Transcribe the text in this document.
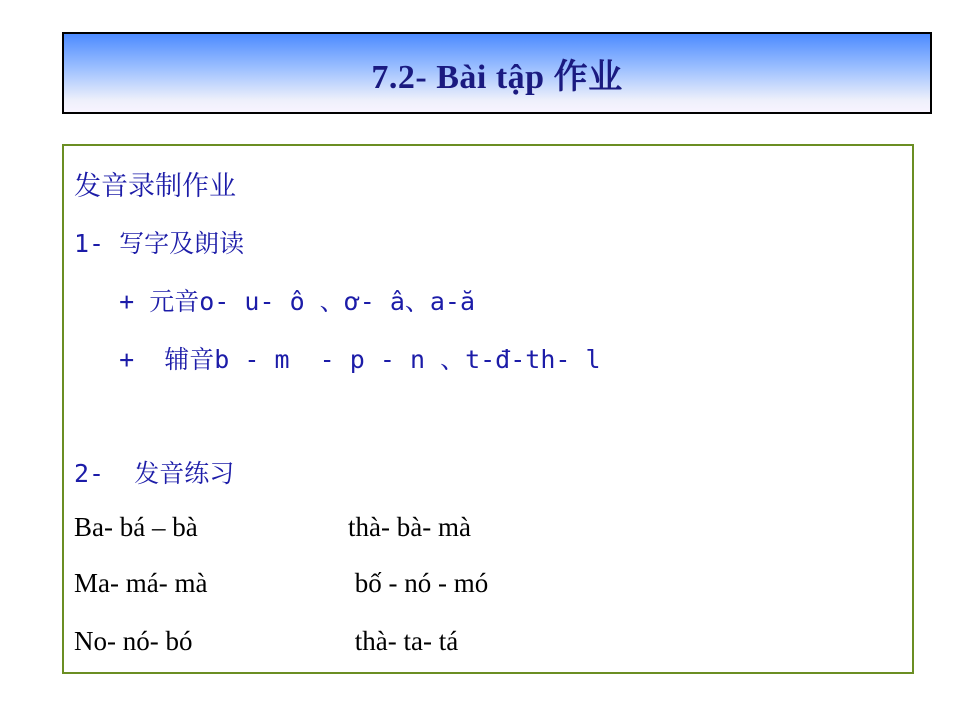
7.2- Bài tập 作业
发音录制作业
1- 写字及朗读
+ 元音o- u- ô 、ơ- â、a-ă
+  辅音b - m  - p - n 、t-đ-th- l
2-  发音练习
Ba- bá – bà	thà- bà- mà
Ma- má- mà	bố - nó - mó
No- nó- bó	thà- ta- tá
